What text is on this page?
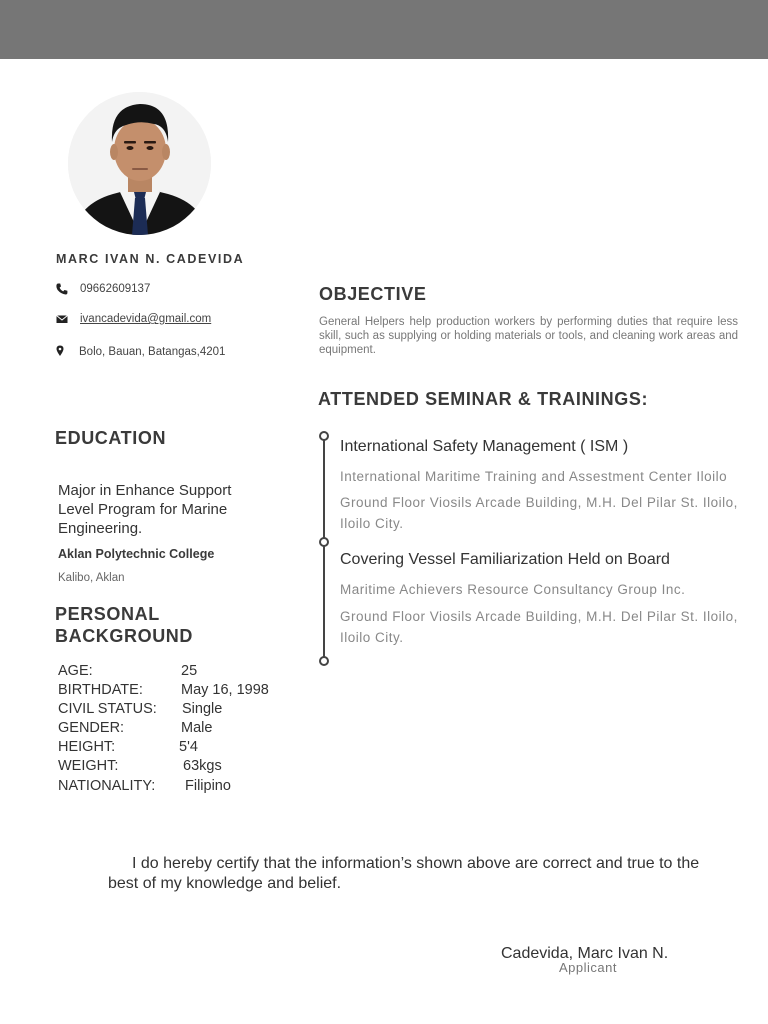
MARC IVAN N. CADEVIDA
09662609137
ivancadevida@gmail.com
Bolo, Bauan, Batangas,4201
OBJECTIVE
General Helpers help production workers by performing duties that require less skill, such as supplying or holding materials or tools, and cleaning work areas and equipment.
ATTENDED SEMINAR & TRAININGS:
International Safety Management ( ISM )
International Maritime Training and Assestment Center Iloilo
Ground Floor Viosils Arcade Building, M.H. Del Pilar St. Iloilo, Iloilo City.
Covering Vessel Familiarization Held on Board
Maritime Achievers Resource Consultancy Group Inc.
Ground Floor Viosils Arcade Building, M.H. Del Pilar St. Iloilo, Iloilo City.
EDUCATION
Major in Enhance Support Level Program for Marine Engineering.
Aklan Polytechnic College
Kalibo, Aklan
PERSONAL
BACKGROUND
AGE:	25
BIRTHDATE:	May 16, 1998
CIVIL STATUS: Single
GENDER:	Male
HEIGHT:	5'4
WEIGHT:	63kgs
NATIONALITY: Filipino
I do hereby certify that the information’s shown above are correct and true to the best of my knowledge and belief.
Cadevida, Marc Ivan N.
Applicant
